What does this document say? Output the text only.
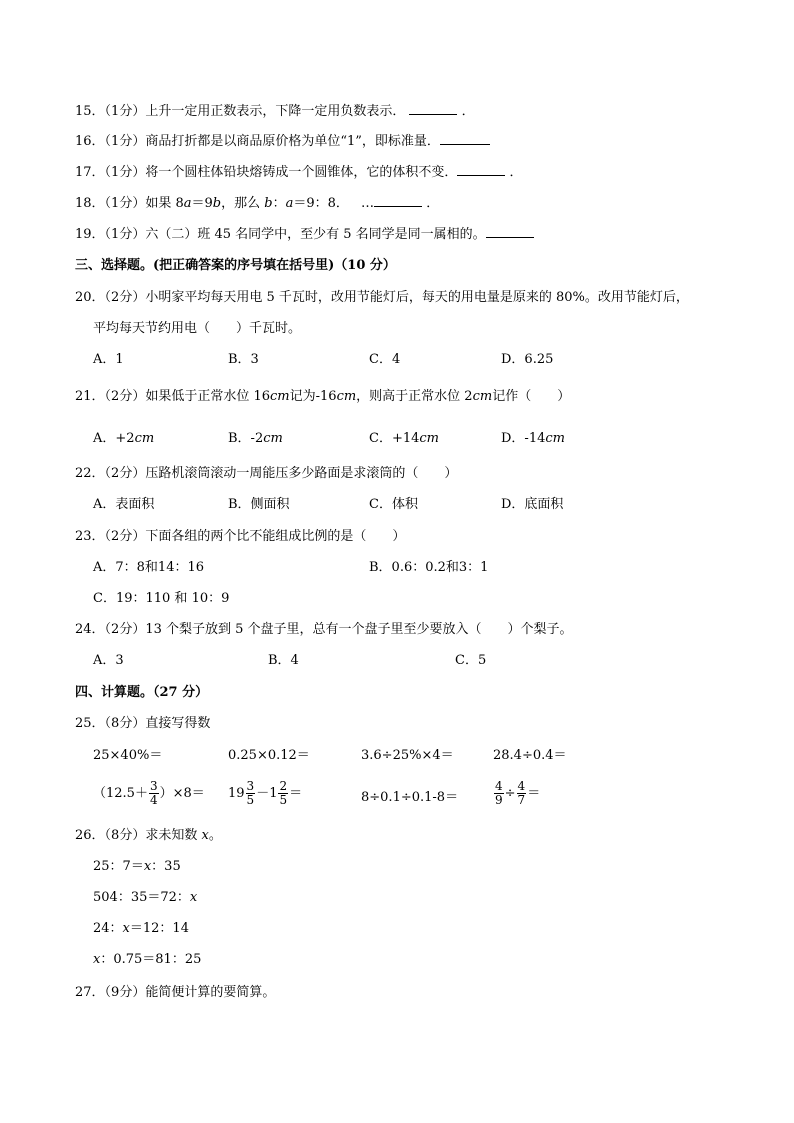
15．（1分）上升一定用正数表示，下降一定用负数表示．	．
16．（1分）商品打折都是以商品原价格为单位“1”，即标准量．
17．（1分）将一个圆柱体铅块熔铸成一个圆锥体，它的体积不变．	．
18．（1分）如果 8a＝9b，那么 b：a＝9：8． …	．
19．（1分）六（二）班 45 名同学中，至少有 5 名同学是同一属相的。
三、选择题。(把正确答案的序号填在括号里)（10 分）
20．（2分）小明家平均每天用电 5 千瓦时，改用节能灯后，每天的用电量是原来的 80%。改用节能灯后，
平均每天节约用电（　　）千瓦时。
A．1	B．3	C．4	D．6.25
21．（2分）如果低于正常水位 16cm记为-16cm，则高于正常水位 2cm记作（　　）
A．+2cm	B．-2cm	C．+14cm	D．-14cm
22．（2分）压路机滚筒滚动一周能压多少路面是求滚筒的（　　）
A．表面积	B．侧面积	C．体积	D．底面积
23．（2分）下面各组的两个比不能组成比例的是（　　）
A．7：8和14：16	B．0.6：0.2和3：1
C．19：110 和 10：9
24．（2分）13 个梨子放到 5 个盘子里，总有一个盘子里至少要放入（　　）个梨子。
A．3	B．4	C．5
四、计算题。（27 分）
25．（8分）直接写得数
25×40%＝	0.25×0.12＝	3.6÷25%×4＝	28.4÷0.4＝
$(12.5+ \frac{3}{4} )\times 8= 19 \frac{3}{5} -1 \frac{2}{5}$ ＝	8÷0.1÷0.1-8＝	$\frac{4}{9} \div \frac{4}{7}$ ＝
26．（8分）求未知数 x。
25：7＝x：35
504：35＝72：x
24：x＝12：14
x：0.75＝81：25
27．（9分）能简便计算的要简算。
